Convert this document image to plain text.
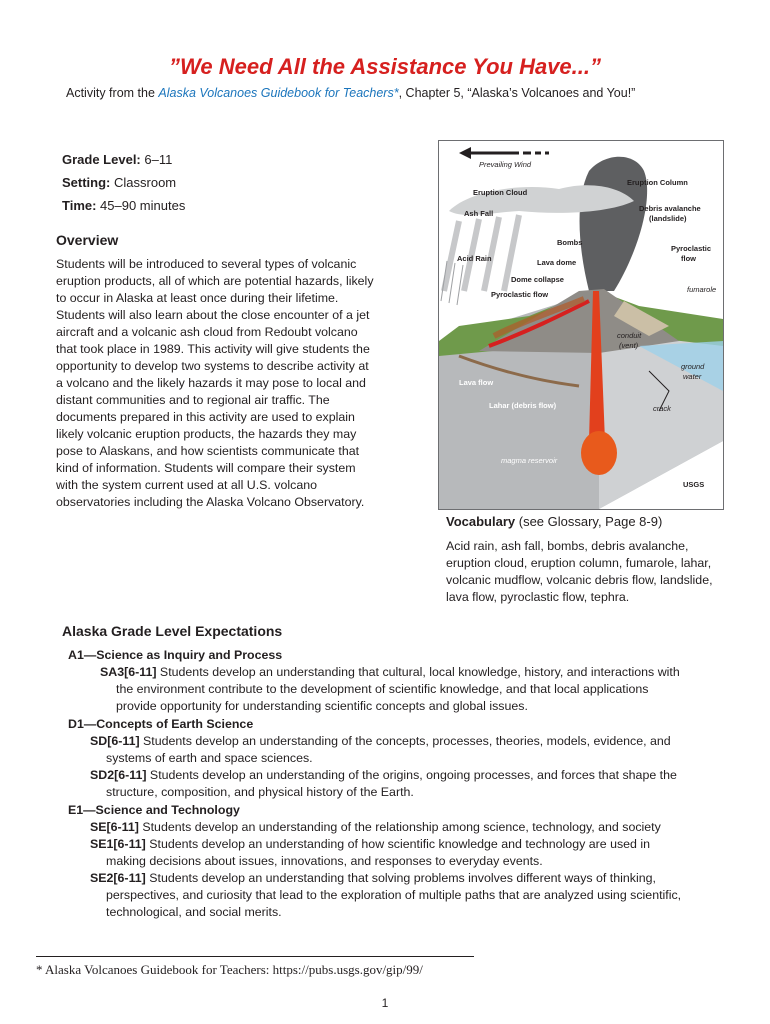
”We Need All the Assistance You Have...”
Activity from the Alaska Volcanoes Guidebook for Teachers*, Chapter 5, “Alaska’s Volcanoes and You!”
Grade Level: 6–11
Setting: Classroom
Time: 45–90 minutes
Overview

Students will be introduced to several types of volcanic eruption products, all of which are potential hazards, likely to occur in Alaska at least once during their lifetime. Students will also learn about the close encounter of a jet aircraft and a volcanic ash cloud from Redoubt volcano that took place in 1989. This activity will give students the opportunity to develop two systems to describe activity at a volcano and the likely hazards it may pose to local and distant communities and to regional air traffic. The documents prepared in this activity are used to explain likely volcanic eruption products, the hazards they may pose to Alaskans, and how scientists communicate that kind of information. Students will compare their system with the system current used at all U.S. volcano observatories including the Alaska Volcano Observatory.

Prevailing Wind
Eruption Column
Eruption Cloud
Ash Fall
Debris avalanche
(landslide)
Bombs
Acid Rain	Lava dome
Pyroclastic
flow
Dome collapse
fumarole
Pyroclastic flow
conduit
(vent)
ground
water
Lava flow
Lahar (debris flow)	crack
magma reservoir
USGS
Vocabulary (see Glossary, Page 8-9)

Acid rain, ash fall, bombs, debris avalanche, eruption cloud, eruption column, fumarole, lahar, volcanic mudflow, volcanic debris flow, landslide, lava flow, pyroclastic flow, tephra.

Alaska Grade Level Expectations
A1—Science as Inquiry and Process
SA3[6-11] Students develop an understanding that cultural, local knowledge, history, and interactions with the environment contribute to the development of scientific knowledge, and that local applications provide opportunity for understanding scientific concepts and global issues.
D1—Concepts of Earth Science
SD[6-11] Students develop an understanding of the concepts, processes, theories, models, evidence, and systems of earth and space sciences.
SD2[6-11] Students develop an understanding of the origins, ongoing processes, and forces that shape the structure, composition, and physical history of the Earth.
E1—Science and Technology
SE[6-11] Students develop an understanding of the relationship among science, technology, and society
SE1[6-11] Students develop an understanding of how scientific knowledge and technology are used in making decisions about issues, innovations, and responses to everyday events.
SE2[6-11] Students develop an understanding that solving problems involves different ways of thinking, perspectives, and curiosity that lead to the exploration of multiple paths that are analyzed using scientific, technological, and social merits.
* Alaska Volcanoes Guidebook for Teachers: https://pubs.usgs.gov/gip/99/
1
